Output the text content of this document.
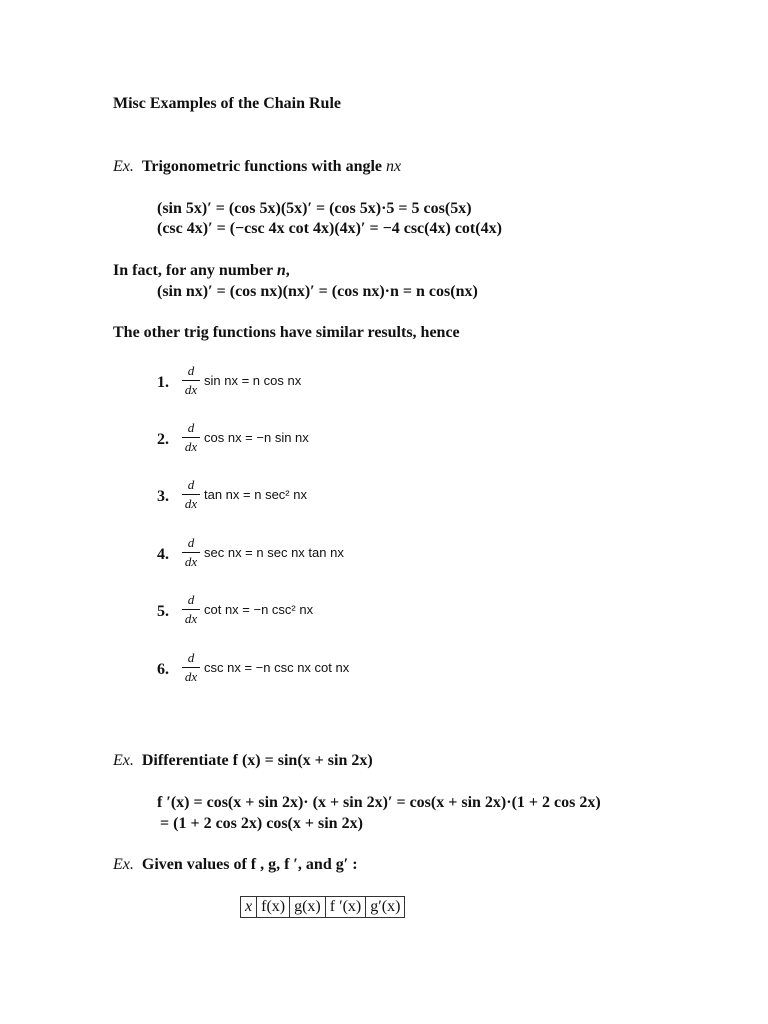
Misc Examples of the Chain Rule
Ex. Trigonometric functions with angle nx
(sin 5x)′ = (cos 5x)(5x)′ = (cos 5x)·5 = 5 cos(5x)
(csc 4x)′ = (−csc 4x cot 4x)(4x)′ = −4 csc(4x) cot(4x)
In fact, for any number n,
(sin nx)′ = (cos nx)(nx)′ = (cos nx)·n = n cos(nx)
The other trig functions have similar results, hence
1.
d
dx
sin nx = n cos nx
2.
d
dx
cos nx = −n sin nx
3.
d
dx
tan nx = n sec² nx
4.
d
dx
sec nx = n sec nx tan nx
5.
d
dx
cot nx = −n csc² nx
6.
d
dx
csc nx = −n csc nx cot nx
Ex. Differentiate f (x) = sin(x + sin 2x)
f ′(x) = cos(x + sin 2x)· (x + sin 2x)′ = cos(x + sin 2x)·(1 + 2 cos 2x)
= (1 + 2 cos 2x) cos(x + sin 2x)
Ex. Given values of f , g, f ′, and g′ :
x	f(x)	g(x)	f ′(x)	g′(x)
